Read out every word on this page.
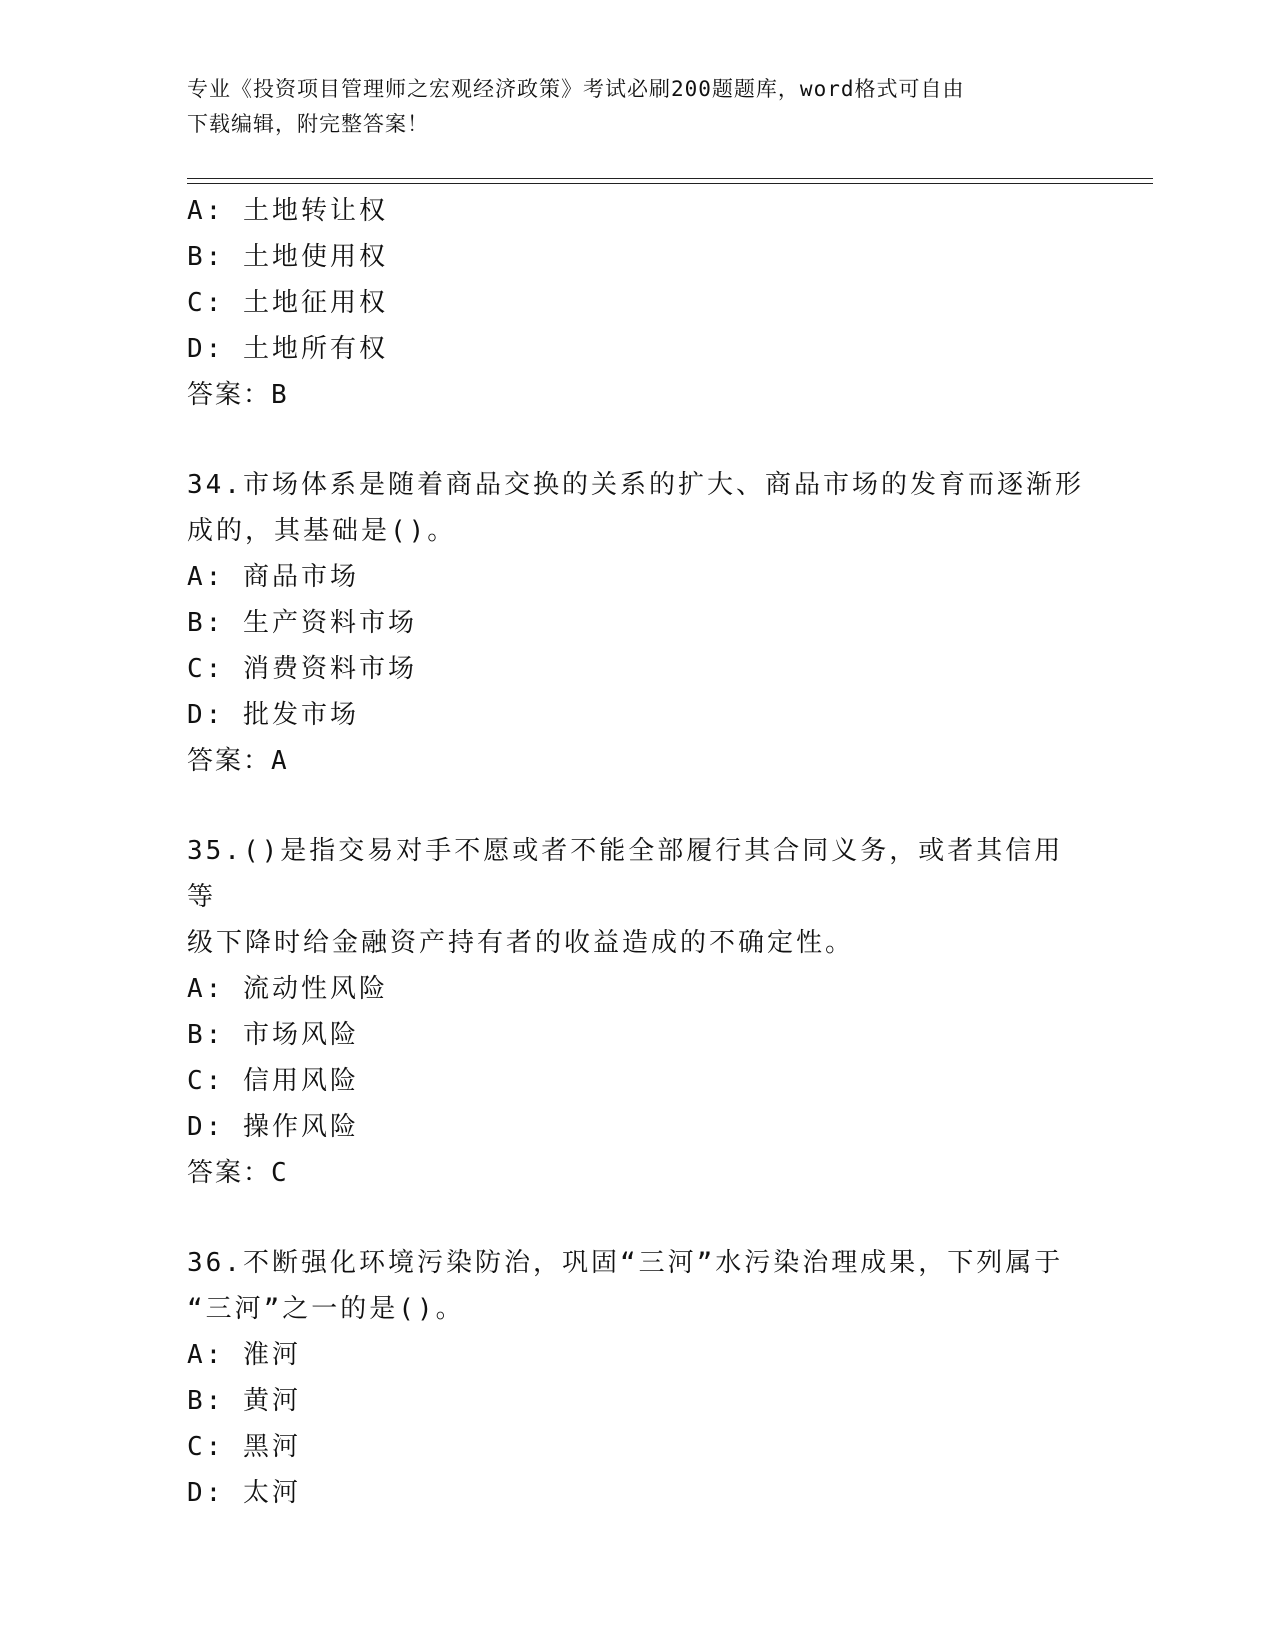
专业《投资项目管理师之宏观经济政策》考试必刷200题题库，word格式可自由
下载编辑，附完整答案！
A: 土地转让权
B: 土地使用权
C: 土地征用权
D: 土地所有权
答案：B
34.市场体系是随着商品交换的关系的扩大、商品市场的发育而逐渐形
成的，其基础是()。
A: 商品市场
B: 生产资料市场
C: 消费资料市场
D: 批发市场
答案：A
35.()是指交易对手不愿或者不能全部履行其合同义务，或者其信用等
级下降时给金融资产持有者的收益造成的不确定性。
A: 流动性风险
B: 市场风险
C: 信用风险
D: 操作风险
答案：C
36.不断强化环境污染防治，巩固“三河”水污染治理成果，下列属于
“三河”之一的是()。
A: 淮河
B: 黄河
C: 黑河
D: 太河
